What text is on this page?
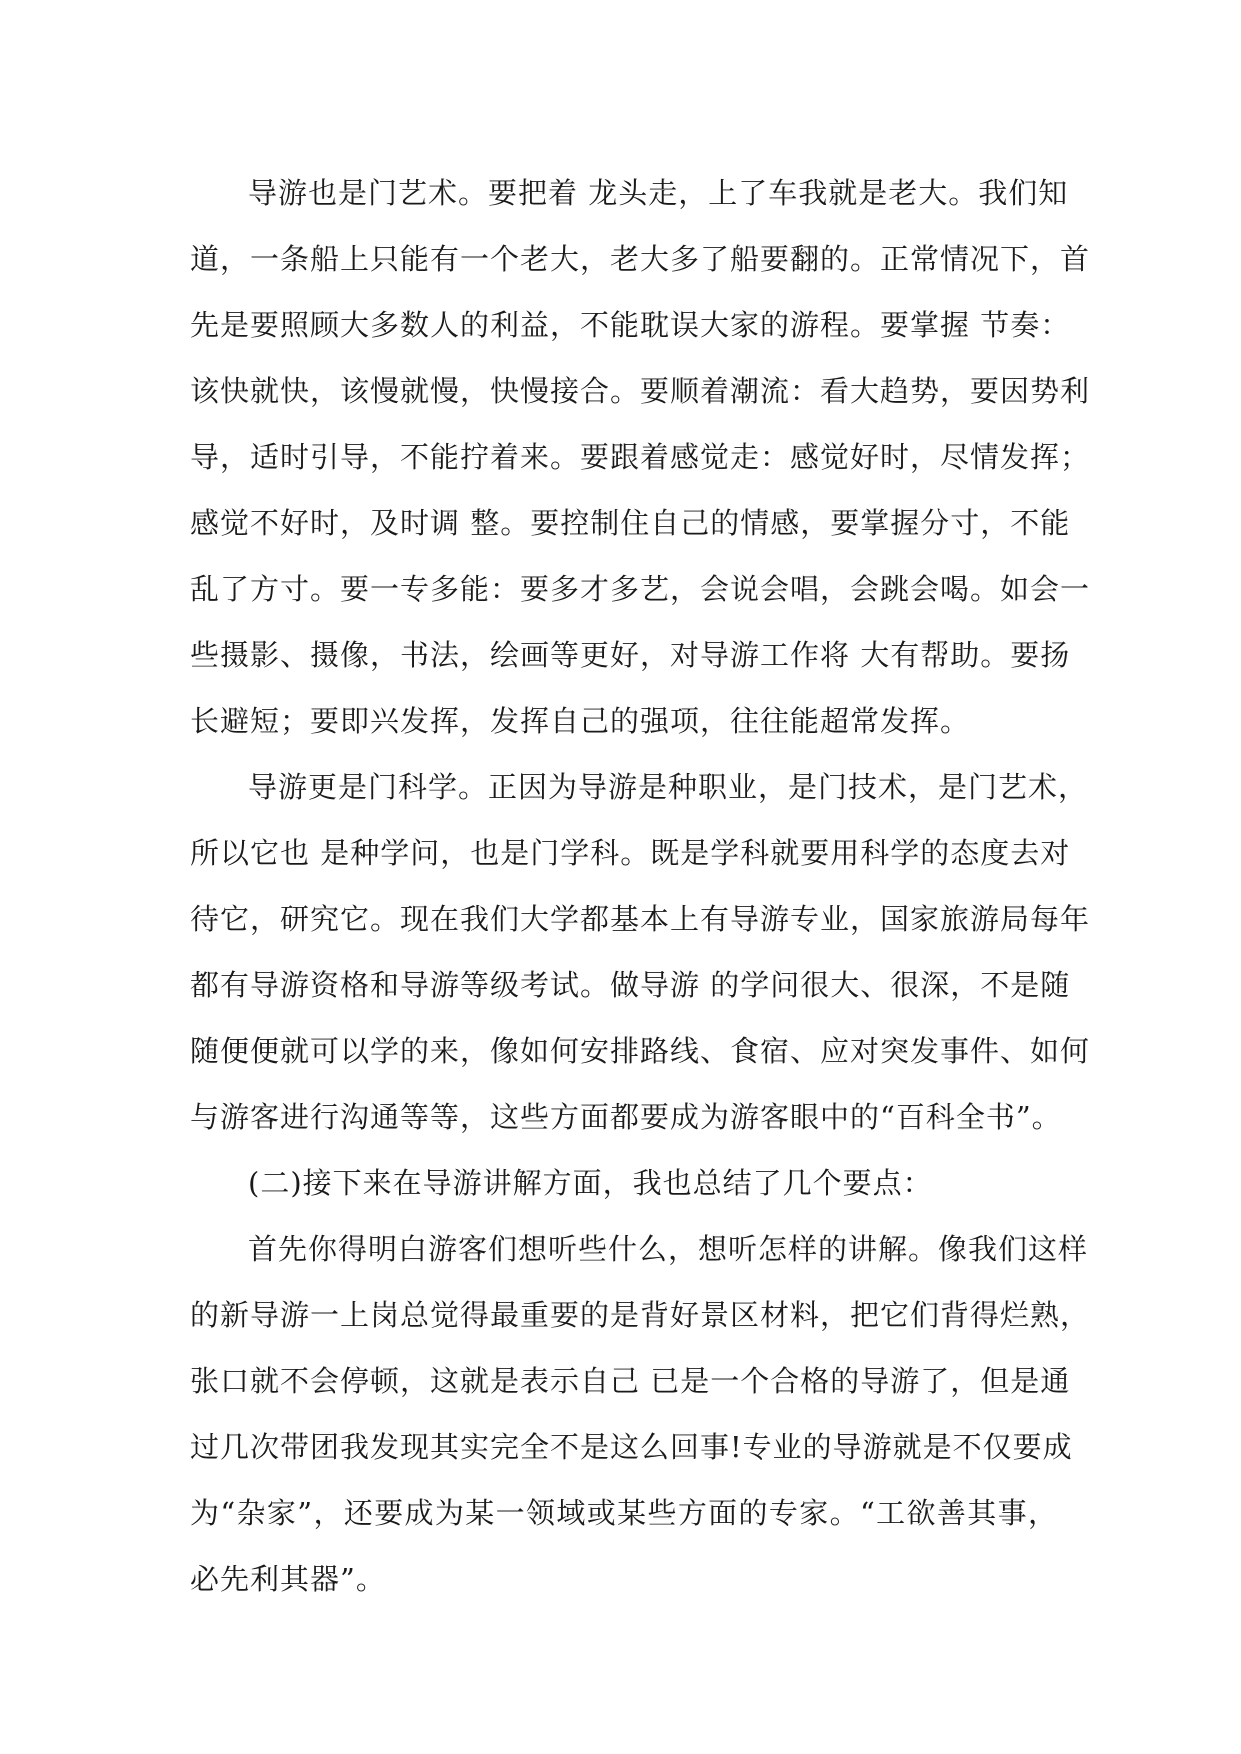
导游也是门艺术。要把着 龙头走，上了车我就是老大。我们知
道，一条船上只能有一个老大，老大多了船要翻的。正常情况下，首
先是要照顾大多数人的利益，不能耽误大家的游程。要掌握 节奏：
该快就快，该慢就慢，快慢接合。要顺着潮流：看大趋势，要因势利
导，适时引导，不能拧着来。要跟着感觉走：感觉好时，尽情发挥；
感觉不好时，及时调 整。要控制住自己的情感，要掌握分寸，不能
乱了方寸。要一专多能：要多才多艺，会说会唱，会跳会喝。如会一
些摄影、摄像，书法，绘画等更好，对导游工作将 大有帮助。要扬
长避短；要即兴发挥，发挥自己的强项，往往能超常发挥。
导游更是门科学。正因为导游是种职业，是门技术，是门艺术，
所以它也 是种学问，也是门学科。既是学科就要用科学的态度去对
待它，研究它。现在我们大学都基本上有导游专业，国家旅游局每年
都有导游资格和导游等级考试。做导游 的学问很大、很深，不是随
随便便就可以学的来，像如何安排路线、食宿、应对突发事件、如何
与游客进行沟通等等，这些方面都要成为游客眼中的“百科全书”。
(二)接下来在导游讲解方面，我也总结了几个要点：
首先你得明白游客们想听些什么，想听怎样的讲解。像我们这样
的新导游一上岗总觉得最重要的是背好景区材料，把它们背得烂熟，
张口就不会停顿，这就是表示自己 已是一个合格的导游了，但是通
过几次带团我发现其实完全不是这么回事!专业的导游就是不仅要成
为“杂家”，还要成为某一领域或某些方面的专家。“工欲善其事，
必先利其器”。
